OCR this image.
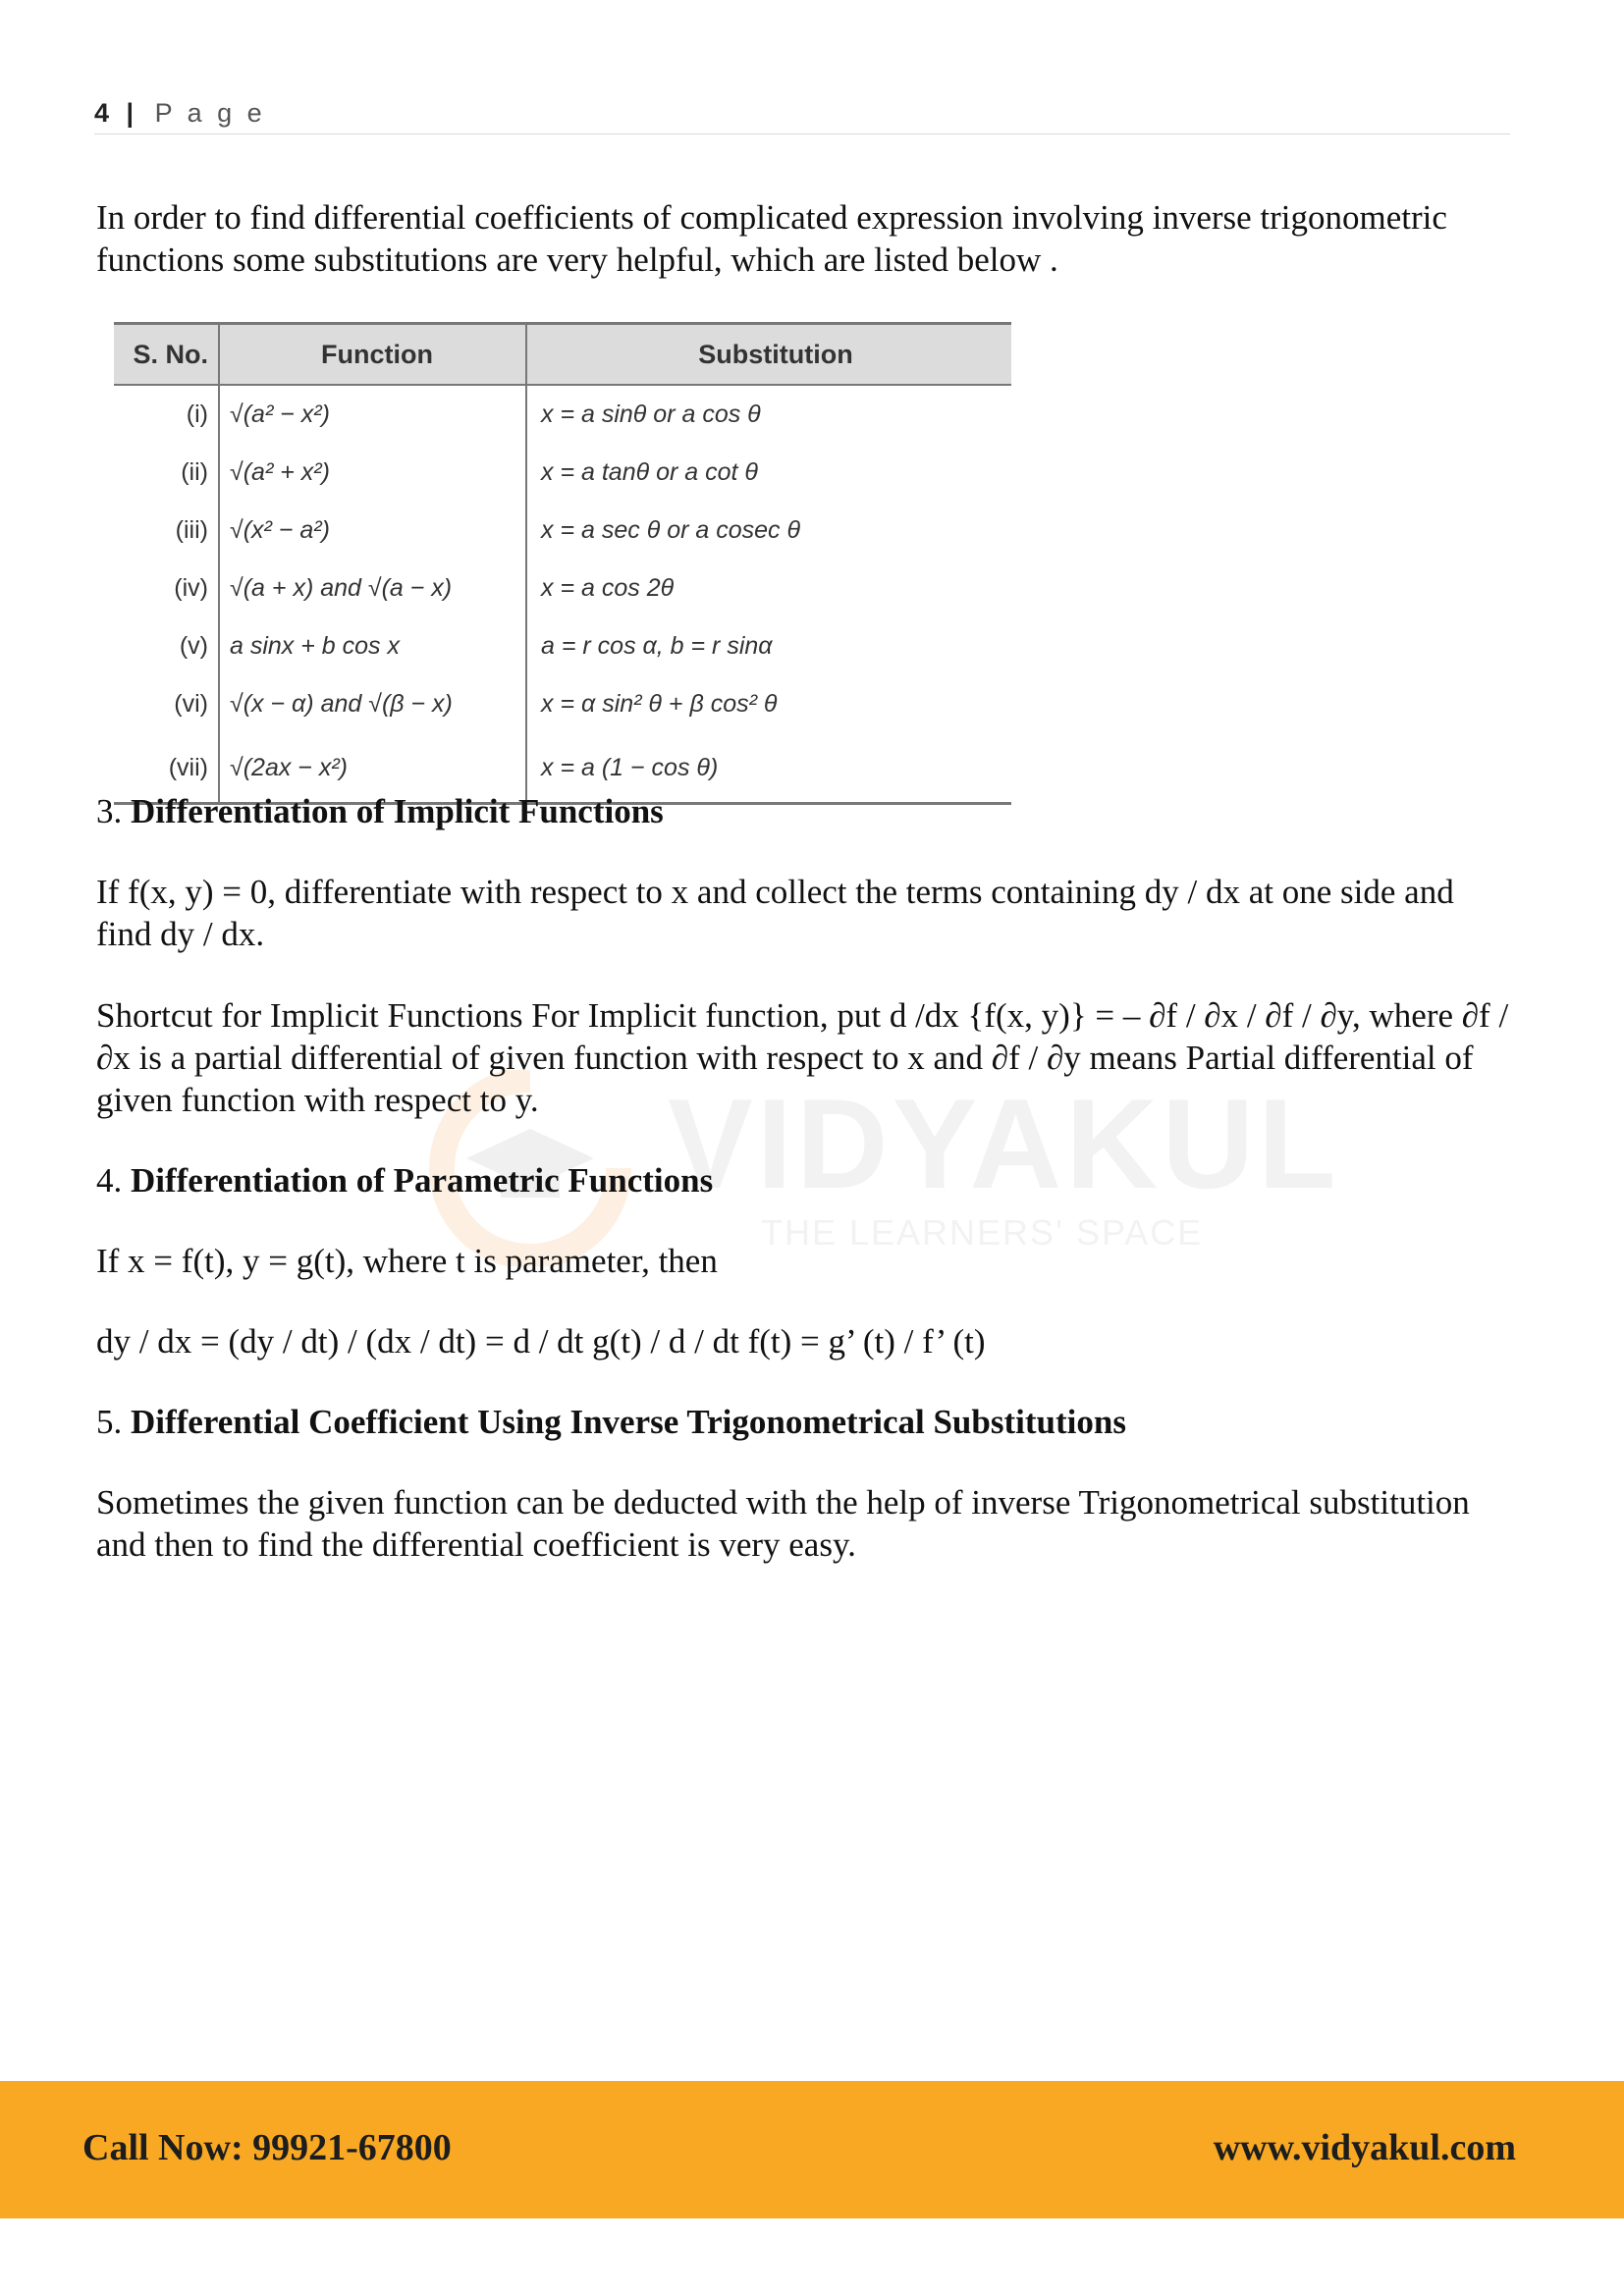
4 | P a g e
VIDYAKUL
THE LEARNERS' SPACE

In order to find differential coefficients of complicated expression involving inverse trigonometric functions some substitutions are very helpful, which are listed below .

S. No.	Function	Substitution
(i)	√(a² − x²)	x = a sinθ or a cos θ
(ii)	√(a² + x²)	x = a tanθ or a cot θ
(iii)	√(x² − a²)	x = a sec θ or a cosec θ
(iv)	√(a + x) and √(a − x)	x = a cos 2θ
(v)	a sinx + b cos x	a = r cos α, b = r sinα
(vi)	√(x − α) and √(β − x)	x = α sin² θ + β cos² θ
(vii)	√(2ax − x²)	x = a (1 − cos θ)

3. Differentiation of Implicit Functions

If f(x, y) = 0, differentiate with respect to x and collect the terms containing dy / dx at one side and find dy / dx.

Shortcut for Implicit Functions For Implicit function, put d /dx {f(x, y)} = – ∂f / ∂x / ∂f / ∂y, where ∂f / ∂x is a partial differential of given function with respect to x and ∂f / ∂y means Partial differential of given function with respect to y.

4. Differentiation of Parametric Functions

If x = f(t), y = g(t), where t is parameter, then

dy / dx = (dy / dt) / (dx / dt) = d / dt g(t) / d / dt f(t) = g’ (t) / f’ (t)

5. Differential Coefficient Using Inverse Trigonometrical Substitutions

Sometimes the given function can be deducted with the help of inverse Trigonometrical substitution and then to find the differential coefficient is very easy.

Call Now: 99921-67800	www.vidyakul.com
